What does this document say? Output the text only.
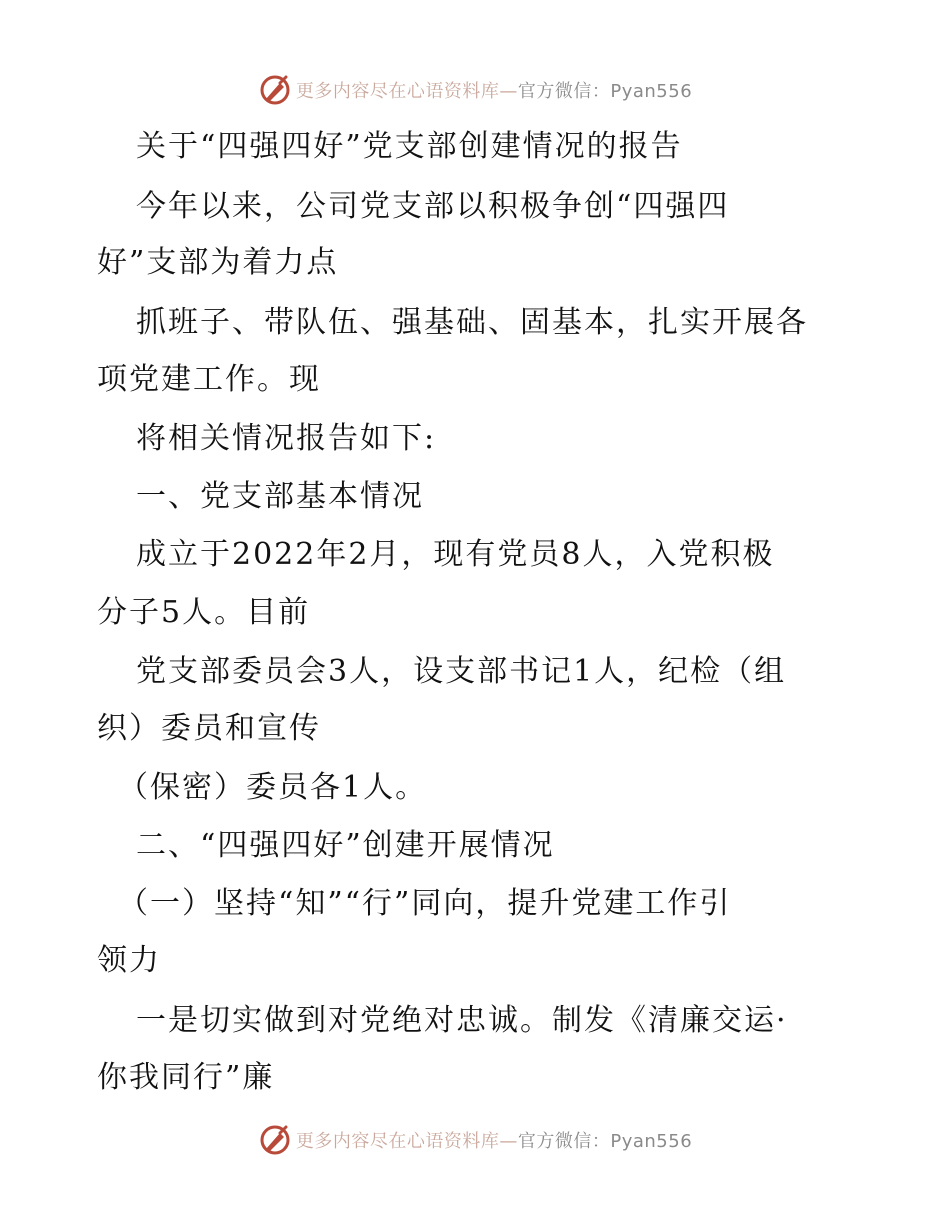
更多内容尽在心语资料库—官方微信：Pyan556
关于“四强四好”党支部创建情况的报告
今年以来，公司党支部以积极争创“四强四
好”支部为着力点
抓班子、带队伍、强基础、固基本，扎实开展各
项党建工作。现
将相关情况报告如下:
一、党支部基本情况
成立于2022年2月，现有党员8人，入党积极
分子5人。目前
党支部委员会3人，设支部书记1人，纪检（组
织）委员和宣传
（保密）委员各1人。
二、“四强四好”创建开展情况
（一）坚持“知”“行”同向，提升党建工作引
领力
一是切实做到对党绝对忠诚。制发《清廉交运·
你我同行”廉
更多内容尽在心语资料库—官方微信：Pyan556
